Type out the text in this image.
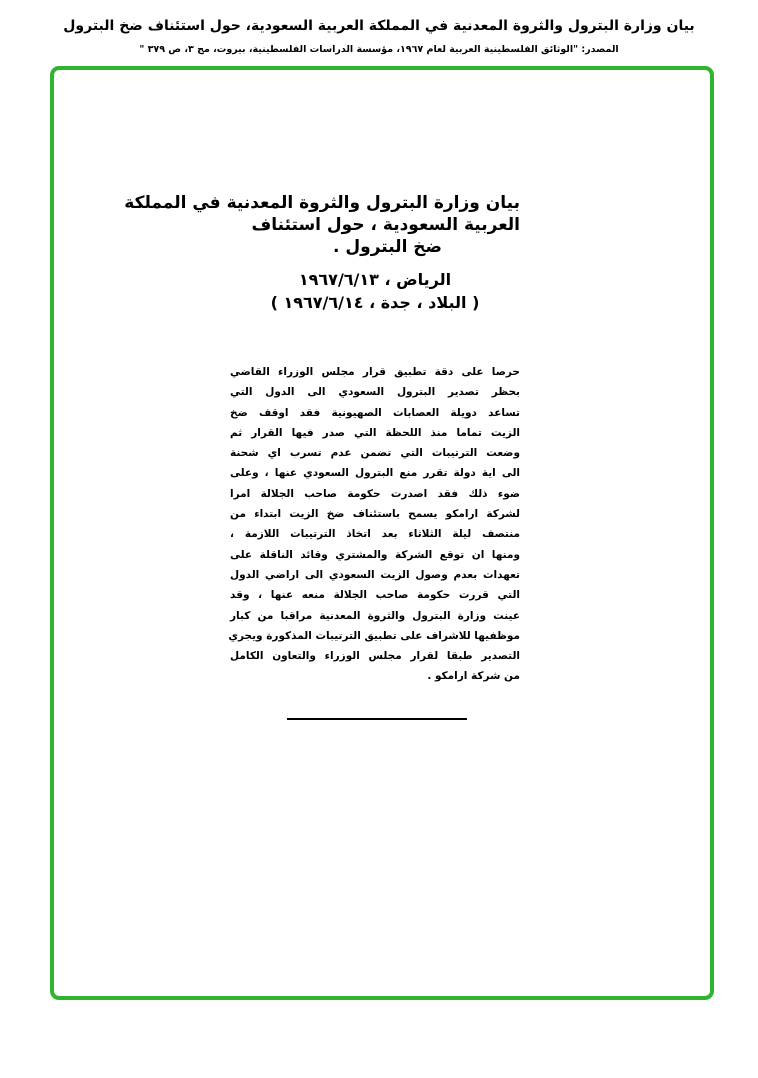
بيان وزارة البترول والثروة المعدنية في المملكة العربية السعودية، حول استئناف ضخ البترول
المصدر: "الوثائق الفلسطينية العربية لعام ١٩٦٧، مؤسسة الدراسات الفلسطينية، بيروت، مج ٣، ص ٣٧٩ "
بيان وزارة البترول والثروة المعدنية في المملكة
العربية السعودية ، حول استئناف
ضخ البترول .
الرياض ، ١٩٦٧/٦/١٣
( البلاد ، جدة ، ١٩٦٧/٦/١٤ )
حرصا على دقة تطبيق قرار مجلس الوزراء القاضي
بحظر تصدير البترول السعودي الى الدول التي
تساعد دويلة العصابات الصهيونية فقد اوقف ضخ
الزيت تماما منذ اللحظة التي صدر فيها القرار ثم
وضعت الترتيبات التي تضمن عدم تسرب اي شحنة
الى اية دولة تقرر منع البترول السعودي عنها ، وعلى
ضوء ذلك فقد اصدرت حكومة صاحب الجلالة امرا
لشركة ارامكو يسمح باستئناف ضخ الزيت ابتداء من
منتصف ليلة الثلاثاء بعد اتخاذ الترتيبات اللازمة ،
ومنها ان توقع الشركة والمشتري وقائد الناقلة على
تعهدات بعدم وصول الزيت السعودي الى اراضي الدول
التي قررت حكومة صاحب الجلالة منعه عنها ، وقد
عينت وزارة البترول والثروة المعدنية مراقبا من كبار
موظفيها للاشراف على تطبيق الترتيبات المذكورة ويجري
التصدير طبقا لقرار مجلس الوزراء والتعاون الكامل
من شركة ارامكو .
